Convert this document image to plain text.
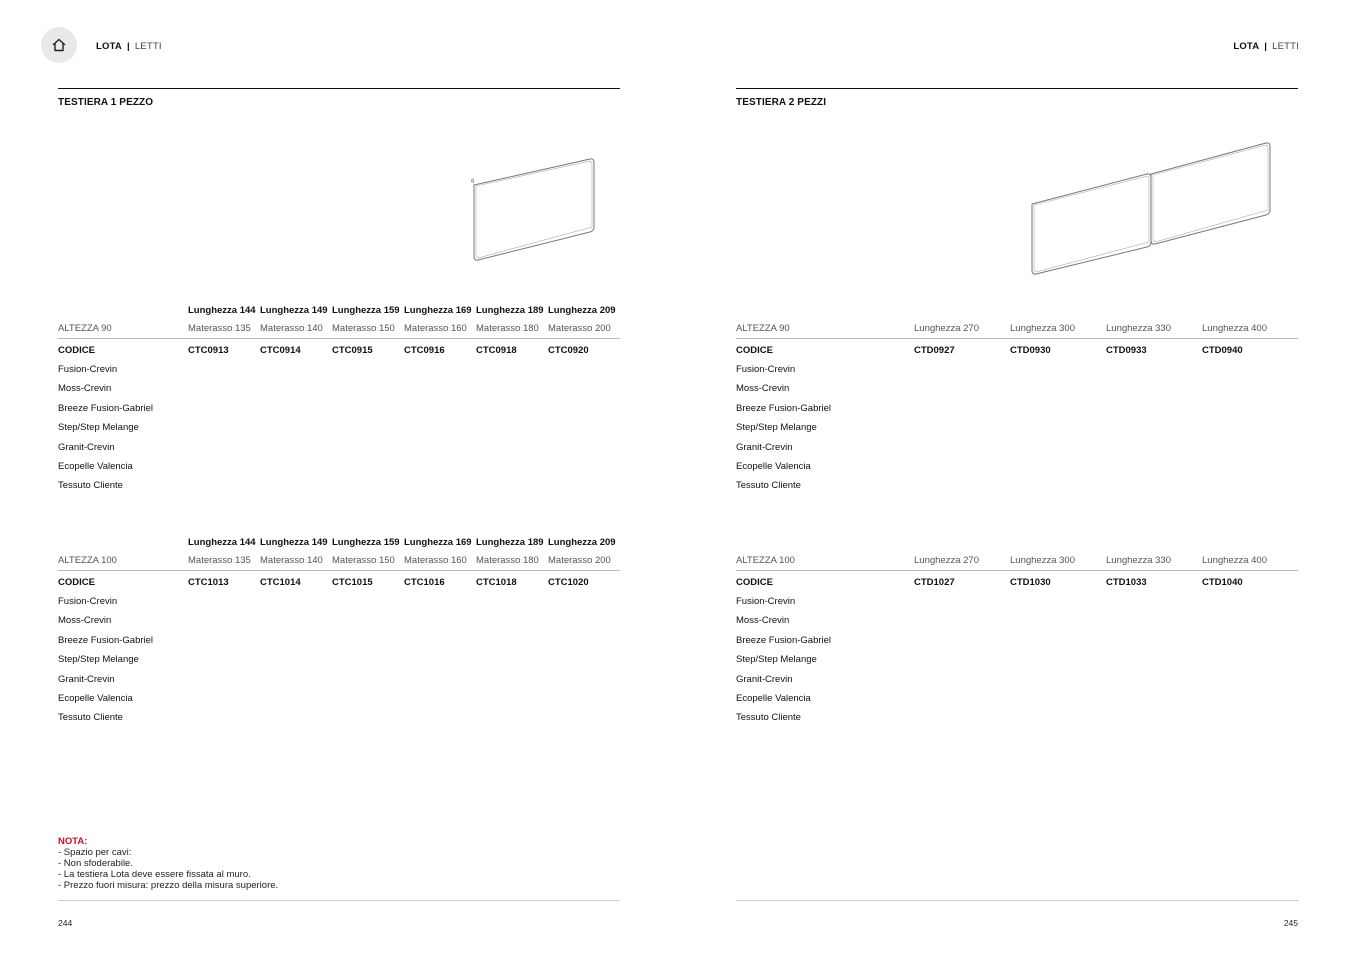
LOTA | LETTI	LOTA | LETTI
TESTIERA 1 PEZZO
6
Lunghezza 144 Lunghezza 149 Lunghezza 159 Lunghezza 169 Lunghezza 189 Lunghezza 209
Materasso 135 Materasso 140 Materasso 150 Materasso 160 Materasso 180 Materasso 200
ALTEZZA 90
CODICE	CTC0913	CTC0914	CTC0915	CTC0916	CTC0918	CTC0920
Fusion-Crevin
Moss-Crevin
Breeze Fusion-Gabriel
Step/Step Melange
Granit-Crevin
Ecopelle Valencia
Tessuto Cliente
Lunghezza 144 Lunghezza 149 Lunghezza 159 Lunghezza 169 Lunghezza 189 Lunghezza 209
Materasso 135 Materasso 140 Materasso 150 Materasso 160 Materasso 180 Materasso 200
ALTEZZA 100
CODICE	CTC1013	CTC1014	CTC1015	CTC1016	CTC1018	CTC1020
Fusion-Crevin
Moss-Crevin
Breeze Fusion-Gabriel
Step/Step Melange
Granit-Crevin
Ecopelle Valencia
Tessuto Cliente
NOTA:
- Spazio per cavi:
- Non sfoderabile.
- La testiera Lota deve essere fissata al muro.
- Prezzo fuori misura: prezzo della misura superiore.
244
TESTIERA 2 PEZZI
Lunghezza 270	Lunghezza 300	Lunghezza 330	Lunghezza 400
ALTEZZA 90
CODICE	CTD0927	CTD0930	CTD0933	CTD0940
Fusion-Crevin
Moss-Crevin
Breeze Fusion-Gabriel
Step/Step Melange
Granit-Crevin
Ecopelle Valencia
Tessuto Cliente
Lunghezza 270	Lunghezza 300	Lunghezza 330	Lunghezza 400
ALTEZZA 100
CODICE	CTD1027	CTD1030	CTD1033	CTD1040
Fusion-Crevin
Moss-Crevin
Breeze Fusion-Gabriel
Step/Step Melange
Granit-Crevin
Ecopelle Valencia
Tessuto Cliente
245
